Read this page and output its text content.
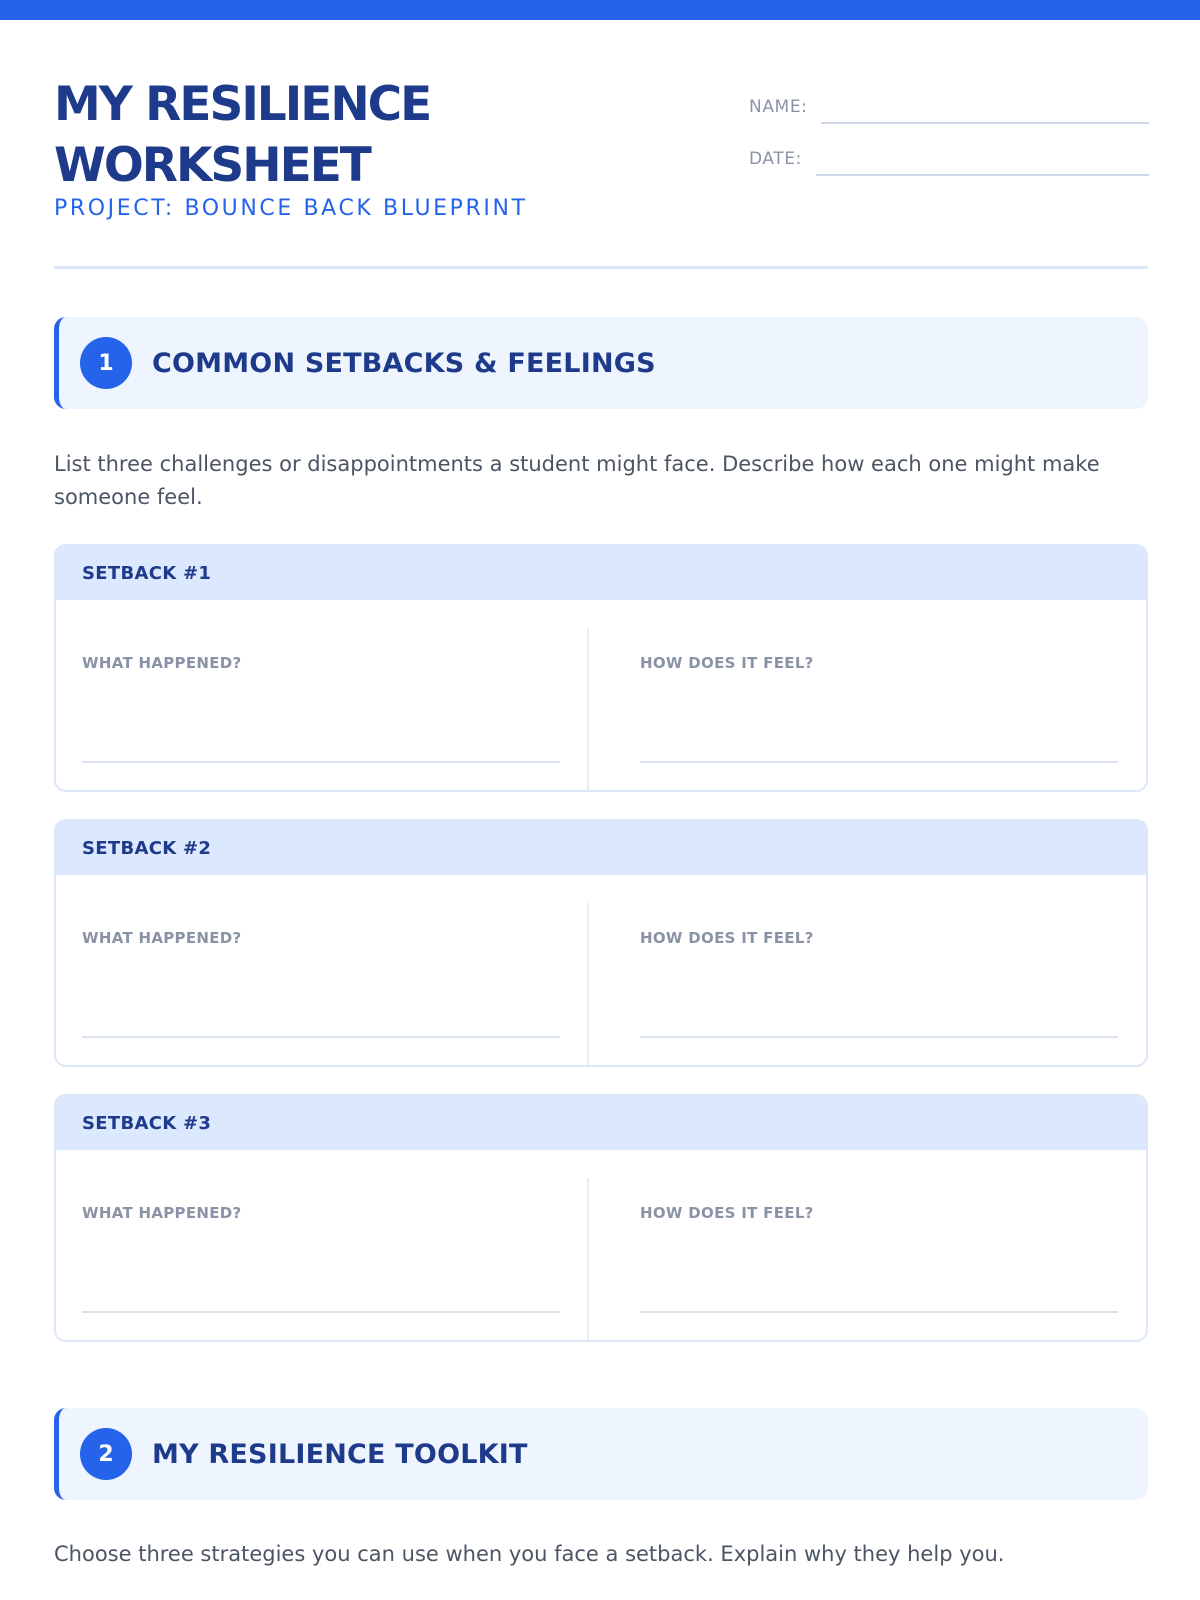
MY RESILIENCE WORKSHEET
PROJECT: BOUNCE BACK BLUEPRINT
NAME:
DATE:
1	COMMON SETBACKS & FEELINGS

List three challenges or disappointments a student might face. Describe how each one might make someone feel.

SETBACK #1
WHAT HAPPENED?	HOW DOES IT FEEL?
SETBACK #2
WHAT HAPPENED?	HOW DOES IT FEEL?
SETBACK #3
WHAT HAPPENED?	HOW DOES IT FEEL?
2	MY RESILIENCE TOOLKIT

Choose three strategies you can use when you face a setback. Explain why they help you.
